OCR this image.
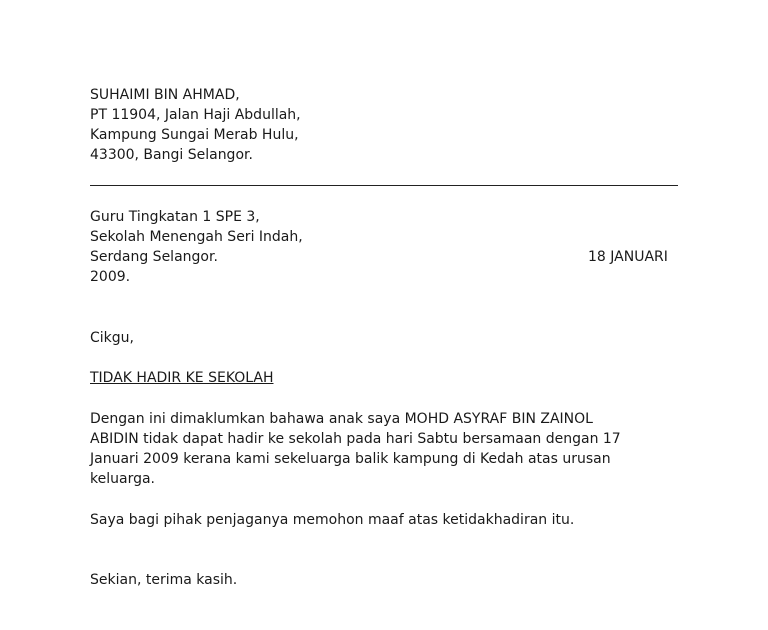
SUHAIMI BIN AHMAD,
PT 11904, Jalan Haji Abdullah,
Kampung Sungai Merab Hulu,
43300, Bangi Selangor.
Guru Tingkatan 1 SPE 3,
Sekolah Menengah Seri Indah,
Serdang Selangor.	18 JANUARI
2009.
Cikgu,
TIDAK HADIR KE SEKOLAH
Dengan ini dimaklumkan bahawa anak saya MOHD ASYRAF BIN ZAINOL
ABIDIN tidak dapat hadir ke sekolah pada hari Sabtu bersamaan dengan 17
Januari 2009 kerana kami sekeluarga balik kampung di Kedah atas urusan
keluarga.
Saya bagi pihak penjaganya memohon maaf atas ketidakhadiran itu.
Sekian, terima kasih.
